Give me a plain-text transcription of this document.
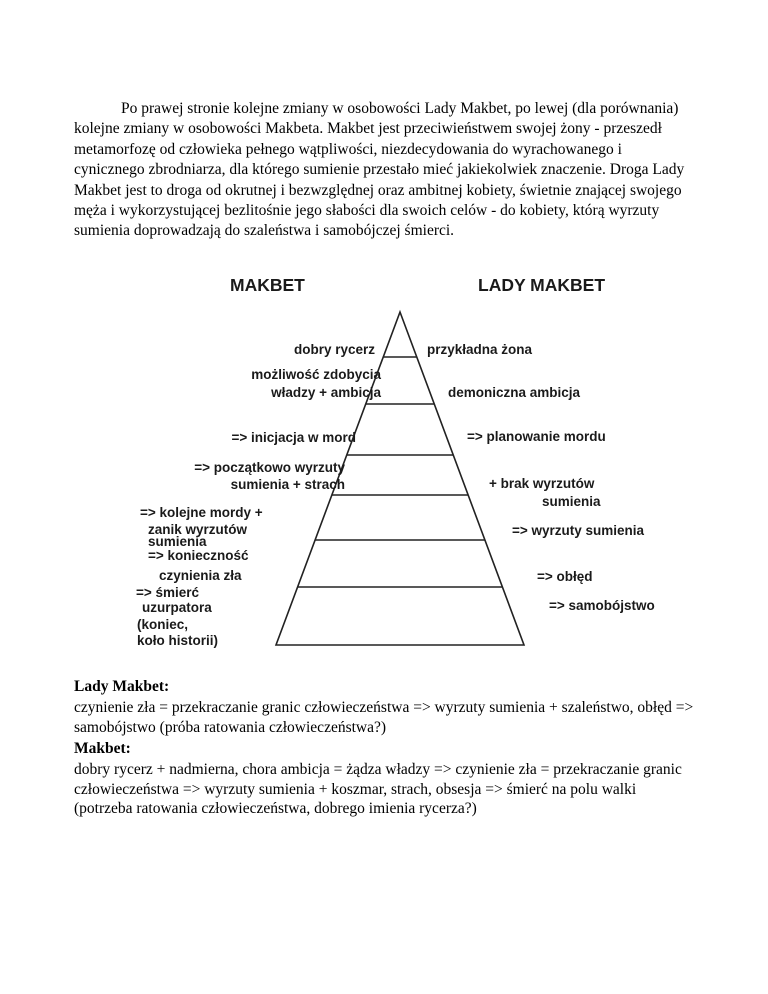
Po prawej stronie kolejne zmiany w osobowości Lady Makbet, po lewej (dla porównania) kolejne zmiany w osobowości Makbeta. Makbet jest przeciwieństwem swojej żony - przeszedł metamorfozę od człowieka pełnego wątpliwości, niezdecydowania do wyrachowanego i cynicznego zbrodniarza, dla którego sumienie przestało mieć jakiekolwiek znaczenie. Droga Lady Makbet jest to droga od okrutnej i bezwzględnej oraz ambitnej kobiety, świetnie znającej swojego męża i wykorzystującej bezlitośnie jego słabości dla swoich celów - do kobiety, którą wyrzuty sumienia doprowadzają do szaleństwa i samobójczej śmierci.

MAKBET	LADY MAKBET
dobry rycerz
możliwość zdobycia
władzy + ambicja
=> inicjacja w mord
=> początkowo wyrzuty
sumienia + strach
=> kolejne mordy +
zanik wyrzutów
sumienia
=> konieczność
czynienia zła
=> śmierć
uzurpatora
(koniec,
koło historii)
przykładna żona
demoniczna ambicja
=> planowanie mordu
+ brak wyrzutów
sumienia
=> wyrzuty sumienia
=> obłęd
=> samobójstwo

Lady Makbet:

czynienie zła = przekraczanie granic człowieczeństwa => wyrzuty sumienia + szaleństwo, obłęd => samobójstwo (próba ratowania człowieczeństwa?)

Makbet:

dobry rycerz + nadmierna, chora ambicja = żądza władzy => czynienie zła = przekraczanie granic człowieczeństwa => wyrzuty sumienia + koszmar, strach, obsesja => śmierć na polu walki (potrzeba ratowania człowieczeństwa, dobrego imienia rycerza?)
